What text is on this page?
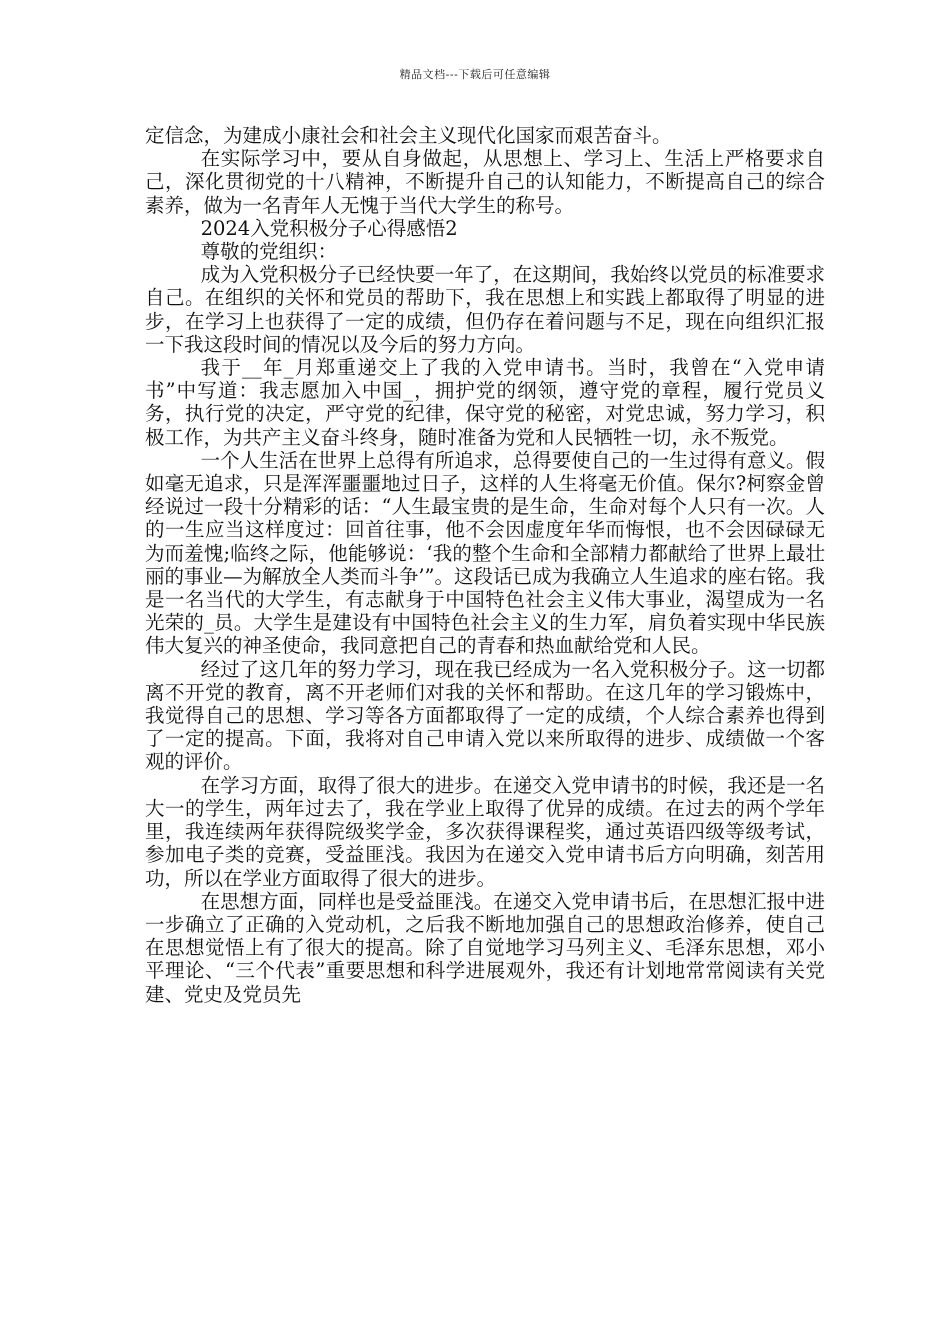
精品文档---下载后可任意编辑

定信念，为建成小康社会和社会主义现代化国家而艰苦奋斗。

在实际学习中，要从自身做起，从思想上、学习上、生活上严格要求自己，深化贯彻党的十八精神，不断提升自己的认知能力，不断提高自己的综合素养，做为一名青年人无愧于当代大学生的称号。

2024入党积极分子心得感悟2

尊敬的党组织：

成为入党积极分子已经快要一年了，在这期间，我始终以党员的标准要求自己。在组织的关怀和党员的帮助下，我在思想上和实践上都取得了明显的进步，在学习上也获得了一定的成绩，但仍存在着问题与不足，现在向组织汇报一下我这段时间的情况以及今后的努力方向。

我于__年_月郑重递交上了我的入党申请书。当时，我曾在“入党申请书”中写道：我志愿加入中国_，拥护党的纲领，遵守党的章程，履行党员义务，执行党的决定，严守党的纪律，保守党的秘密，对党忠诚，努力学习，积极工作，为共产主义奋斗终身，随时准备为党和人民牺牲一切，永不叛党。

一个人生活在世界上总得有所追求，总得要使自己的一生过得有意义。假如毫无追求，只是浑浑噩噩地过日子，这样的人生将毫无价值。保尔?柯察金曾经说过一段十分精彩的话：“人生最宝贵的是生命，生命对每个人只有一次。人的一生应当这样度过：回首往事，他不会因虚度年华而悔恨，也不会因碌碌无为而羞愧;临终之际，他能够说：‘我的整个生命和全部精力都献给了世界上最壮丽的事业—为解放全人类而斗争’”。这段话已成为我确立人生追求的座右铭。我是一名当代的大学生，有志献身于中国特色社会主义伟大事业，渴望成为一名光荣的_员。大学生是建设有中国特色社会主义的生力军，肩负着实现中华民族伟大复兴的神圣使命，我同意把自己的青春和热血献给党和人民。

经过了这几年的努力学习，现在我已经成为一名入党积极分子。这一切都离不开党的教育，离不开老师们对我的关怀和帮助。在这几年的学习锻炼中，我觉得自己的思想、学习等各方面都取得了一定的成绩，个人综合素养也得到了一定的提高。下面，我将对自己申请入党以来所取得的进步、成绩做一个客观的评价。

在学习方面，取得了很大的进步。在递交入党申请书的时候，我还是一名大一的学生，两年过去了，我在学业上取得了优异的成绩。在过去的两个学年里，我连续两年获得院级奖学金，多次获得课程奖，通过英语四级等级考试，参加电子类的竞赛，受益匪浅。我因为在递交入党申请书后方向明确，刻苦用功，所以在学业方面取得了很大的进步。

在思想方面，同样也是受益匪浅。在递交入党申请书后，在思想汇报中进一步确立了正确的入党动机，之后我不断地加强自己的思想政治修养，使自己在思想觉悟上有了很大的提高。除了自觉地学习马列主义、毛泽东思想，邓小平理论、“三个代表”重要思想和科学进展观外，我还有计划地常常阅读有关党建、党史及党员先
